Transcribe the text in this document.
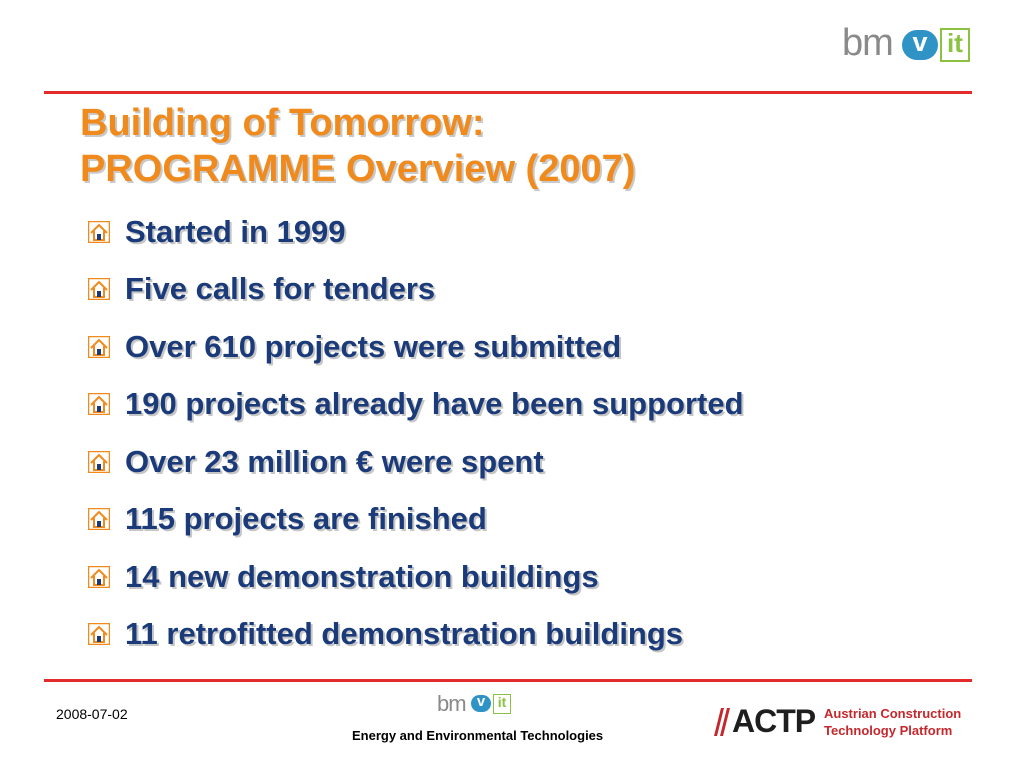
bm v it
Building of Tomorrow:
PROGRAMME Overview (2007)
Started in 1999
Five calls for tenders
Over 610 projects were submitted
190 projects already have been supported
Over 23 million € were spent
115 projects are finished
14 new demonstration buildings
11 retrofitted demonstration buildings
2008-07-02	bm v it
Energy and Environmental Technologies	ACTP Austrian Construction
Technology Platform
